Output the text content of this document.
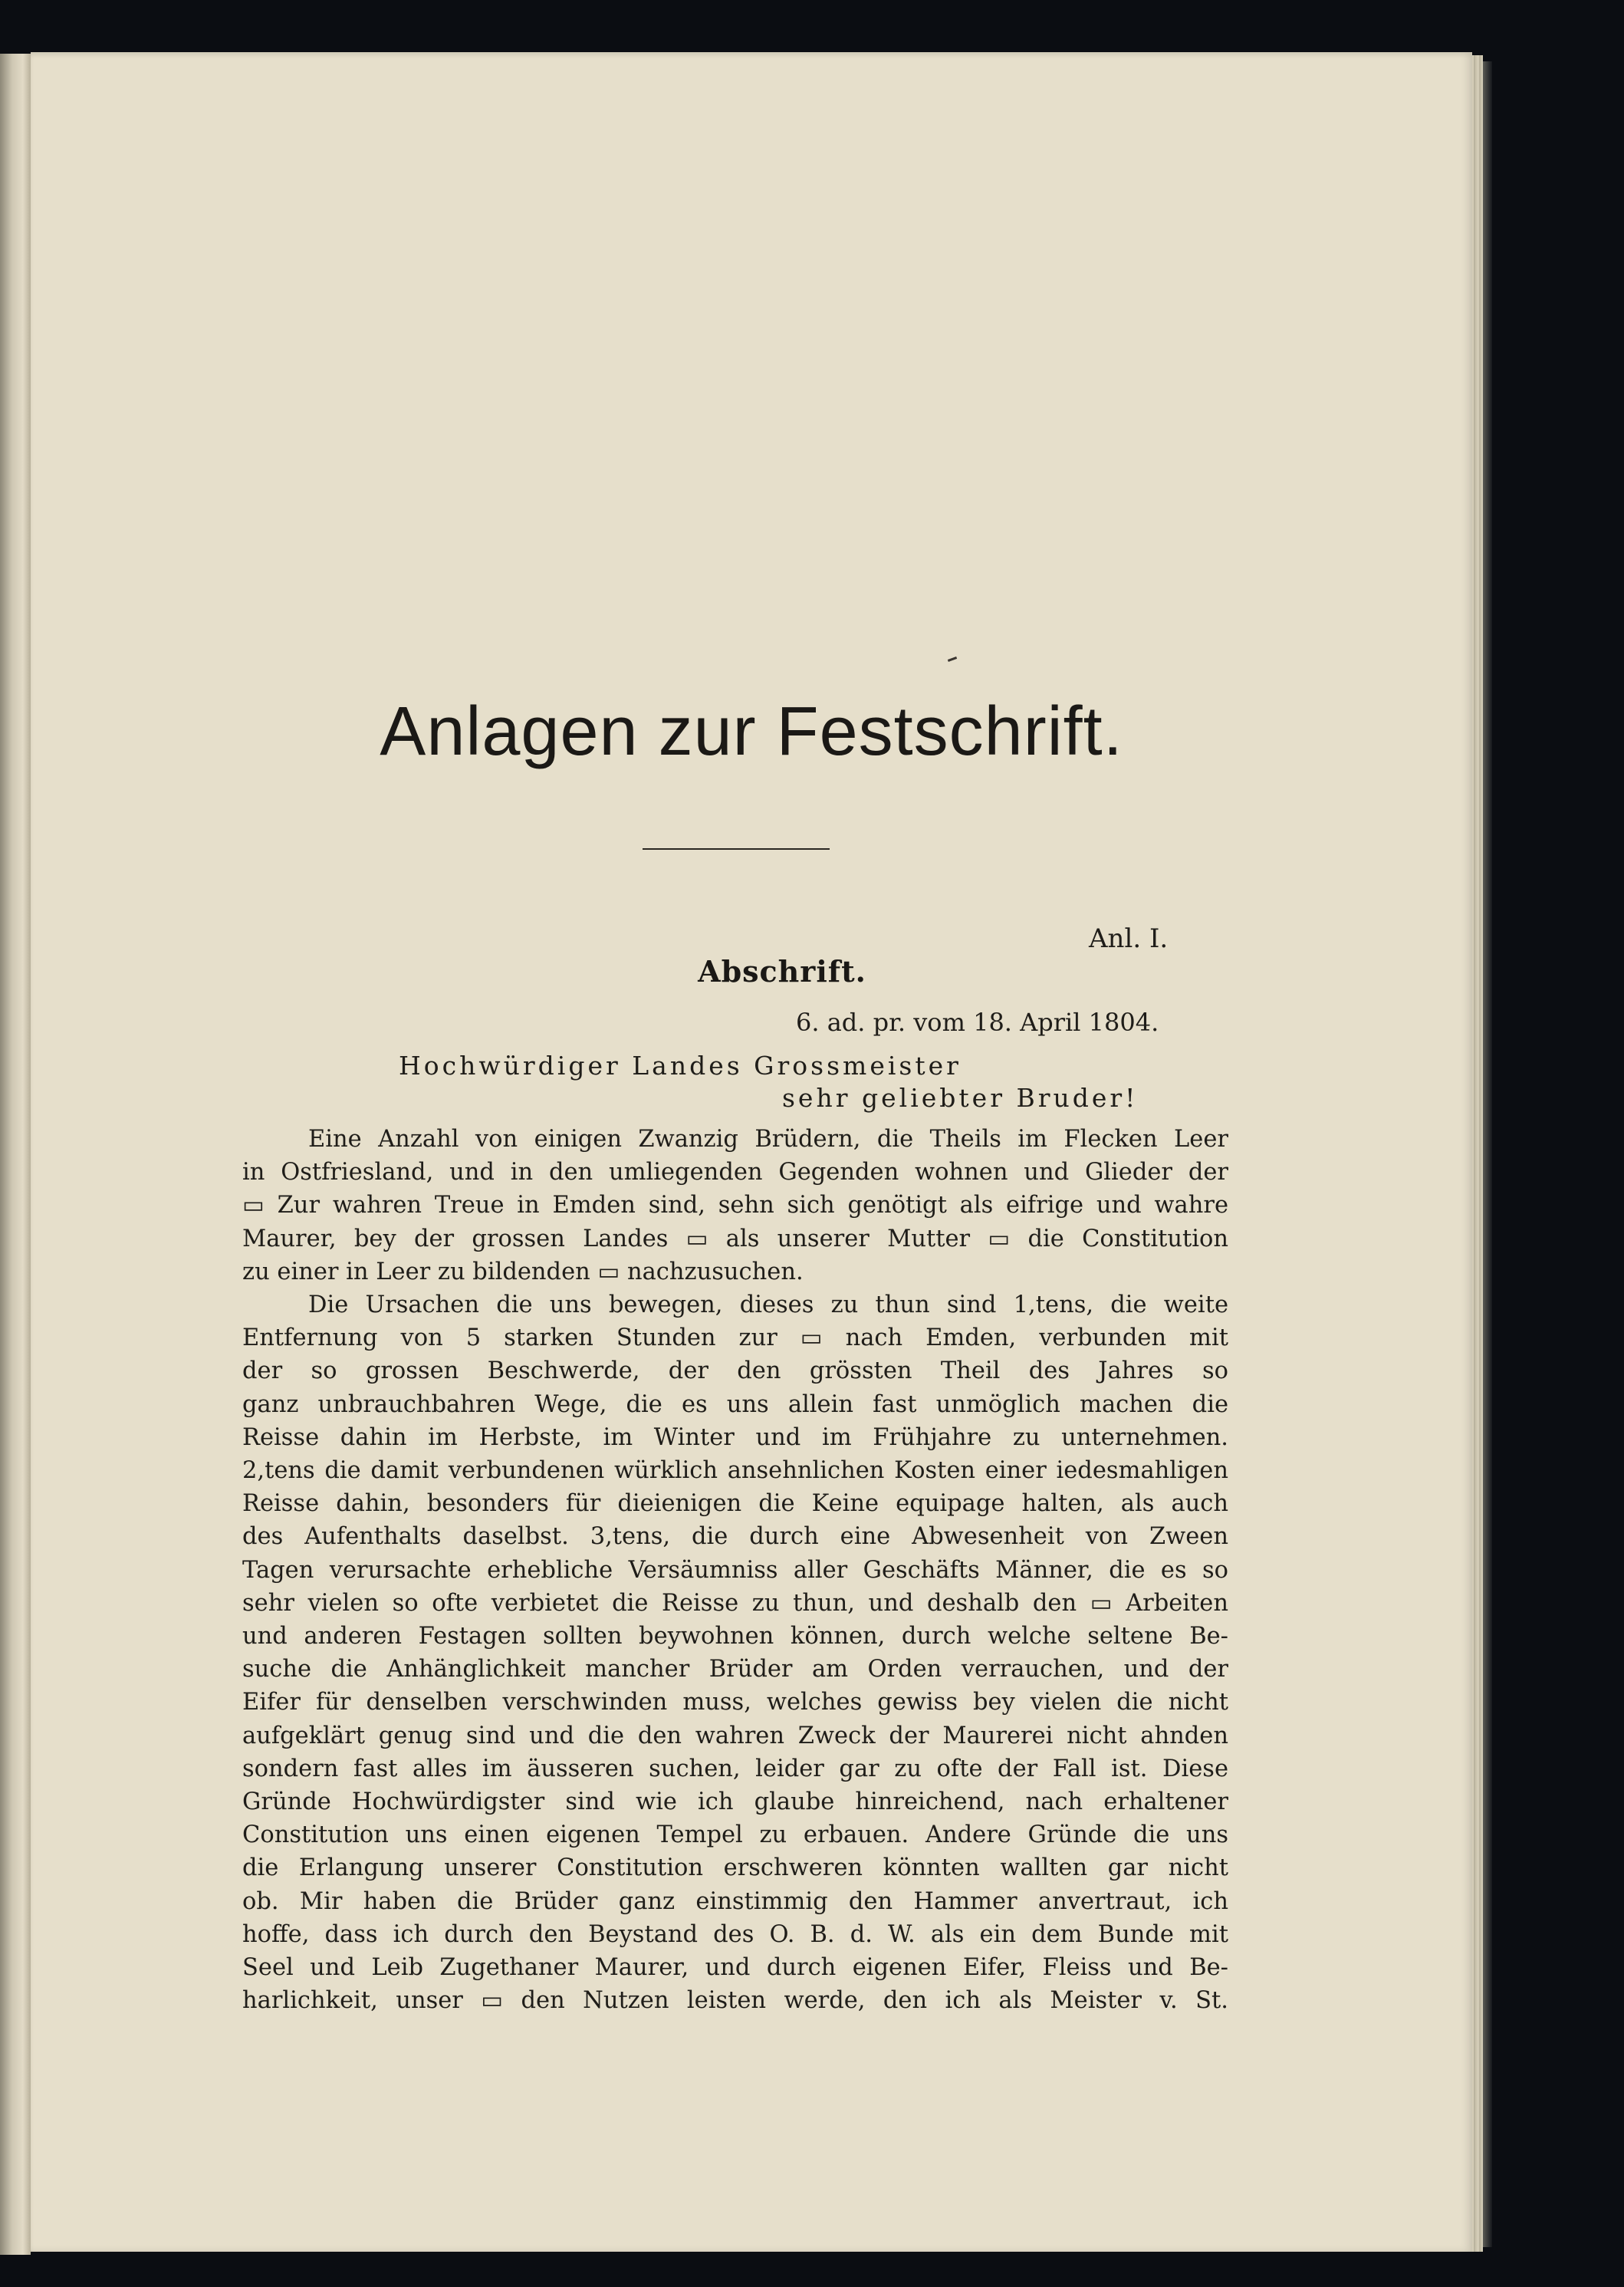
Anlagen zur Festschrift.
Anl. I.
Abschrift.
6. ad. pr. vom 18. April 1804.
Hochwürdiger Landes Grossmeister
sehr geliebter Bruder!
Eine Anzahl von einigen Zwanzig Brüdern, die Theils im Flecken Leer
in Ostfriesland, und in den umliegenden Gegenden wohnen und Glieder der
▭ Zur wahren Treue in Emden sind, sehn sich genötigt als eifrige und wahre
Maurer, bey der grossen Landes ▭ als unserer Mutter ▭ die Constitution
zu einer in Leer zu bildenden ▭ nachzusuchen.
Die Ursachen die uns bewegen, dieses zu thun sind 1,tens, die weite
Entfernung von 5 starken Stunden zur ▭ nach Emden, verbunden mit
der so grossen Beschwerde, der den grössten Theil des Jahres so
ganz unbrauchbahren Wege, die es uns allein fast unmöglich machen die
Reisse dahin im Herbste, im Winter und im Frühjahre zu unternehmen.
2,tens die damit verbundenen würklich ansehnlichen Kosten einer iedesmahligen
Reisse dahin, besonders für dieienigen die Keine equipage halten, als auch
des Aufenthalts daselbst. 3,tens, die durch eine Abwesenheit von Zween
Tagen verursachte erhebliche Versäumniss aller Geschäfts Männer, die es so
sehr vielen so ofte verbietet die Reisse zu thun, und deshalb den ▭ Arbeiten
und anderen Festagen sollten beywohnen können, durch welche seltene Be-
suche die Anhänglichkeit mancher Brüder am Orden verrauchen, und der
Eifer für denselben verschwinden muss, welches gewiss bey vielen die nicht
aufgeklärt genug sind und die den wahren Zweck der Maurerei nicht ahnden
sondern fast alles im äusseren suchen, leider gar zu ofte der Fall ist. Diese
Gründe Hochwürdigster sind wie ich glaube hinreichend, nach erhaltener
Constitution uns einen eigenen Tempel zu erbauen. Andere Gründe die uns
die Erlangung unserer Constitution erschweren könnten wallten gar nicht
ob. Mir haben die Brüder ganz einstimmig den Hammer anvertraut, ich
hoffe, dass ich durch den Beystand des O. B. d. W. als ein dem Bunde mit
Seel und Leib Zugethaner Maurer, und durch eigenen Eifer, Fleiss und Be-
harlichkeit, unser ▭ den Nutzen leisten werde, den ich als Meister v. St.
